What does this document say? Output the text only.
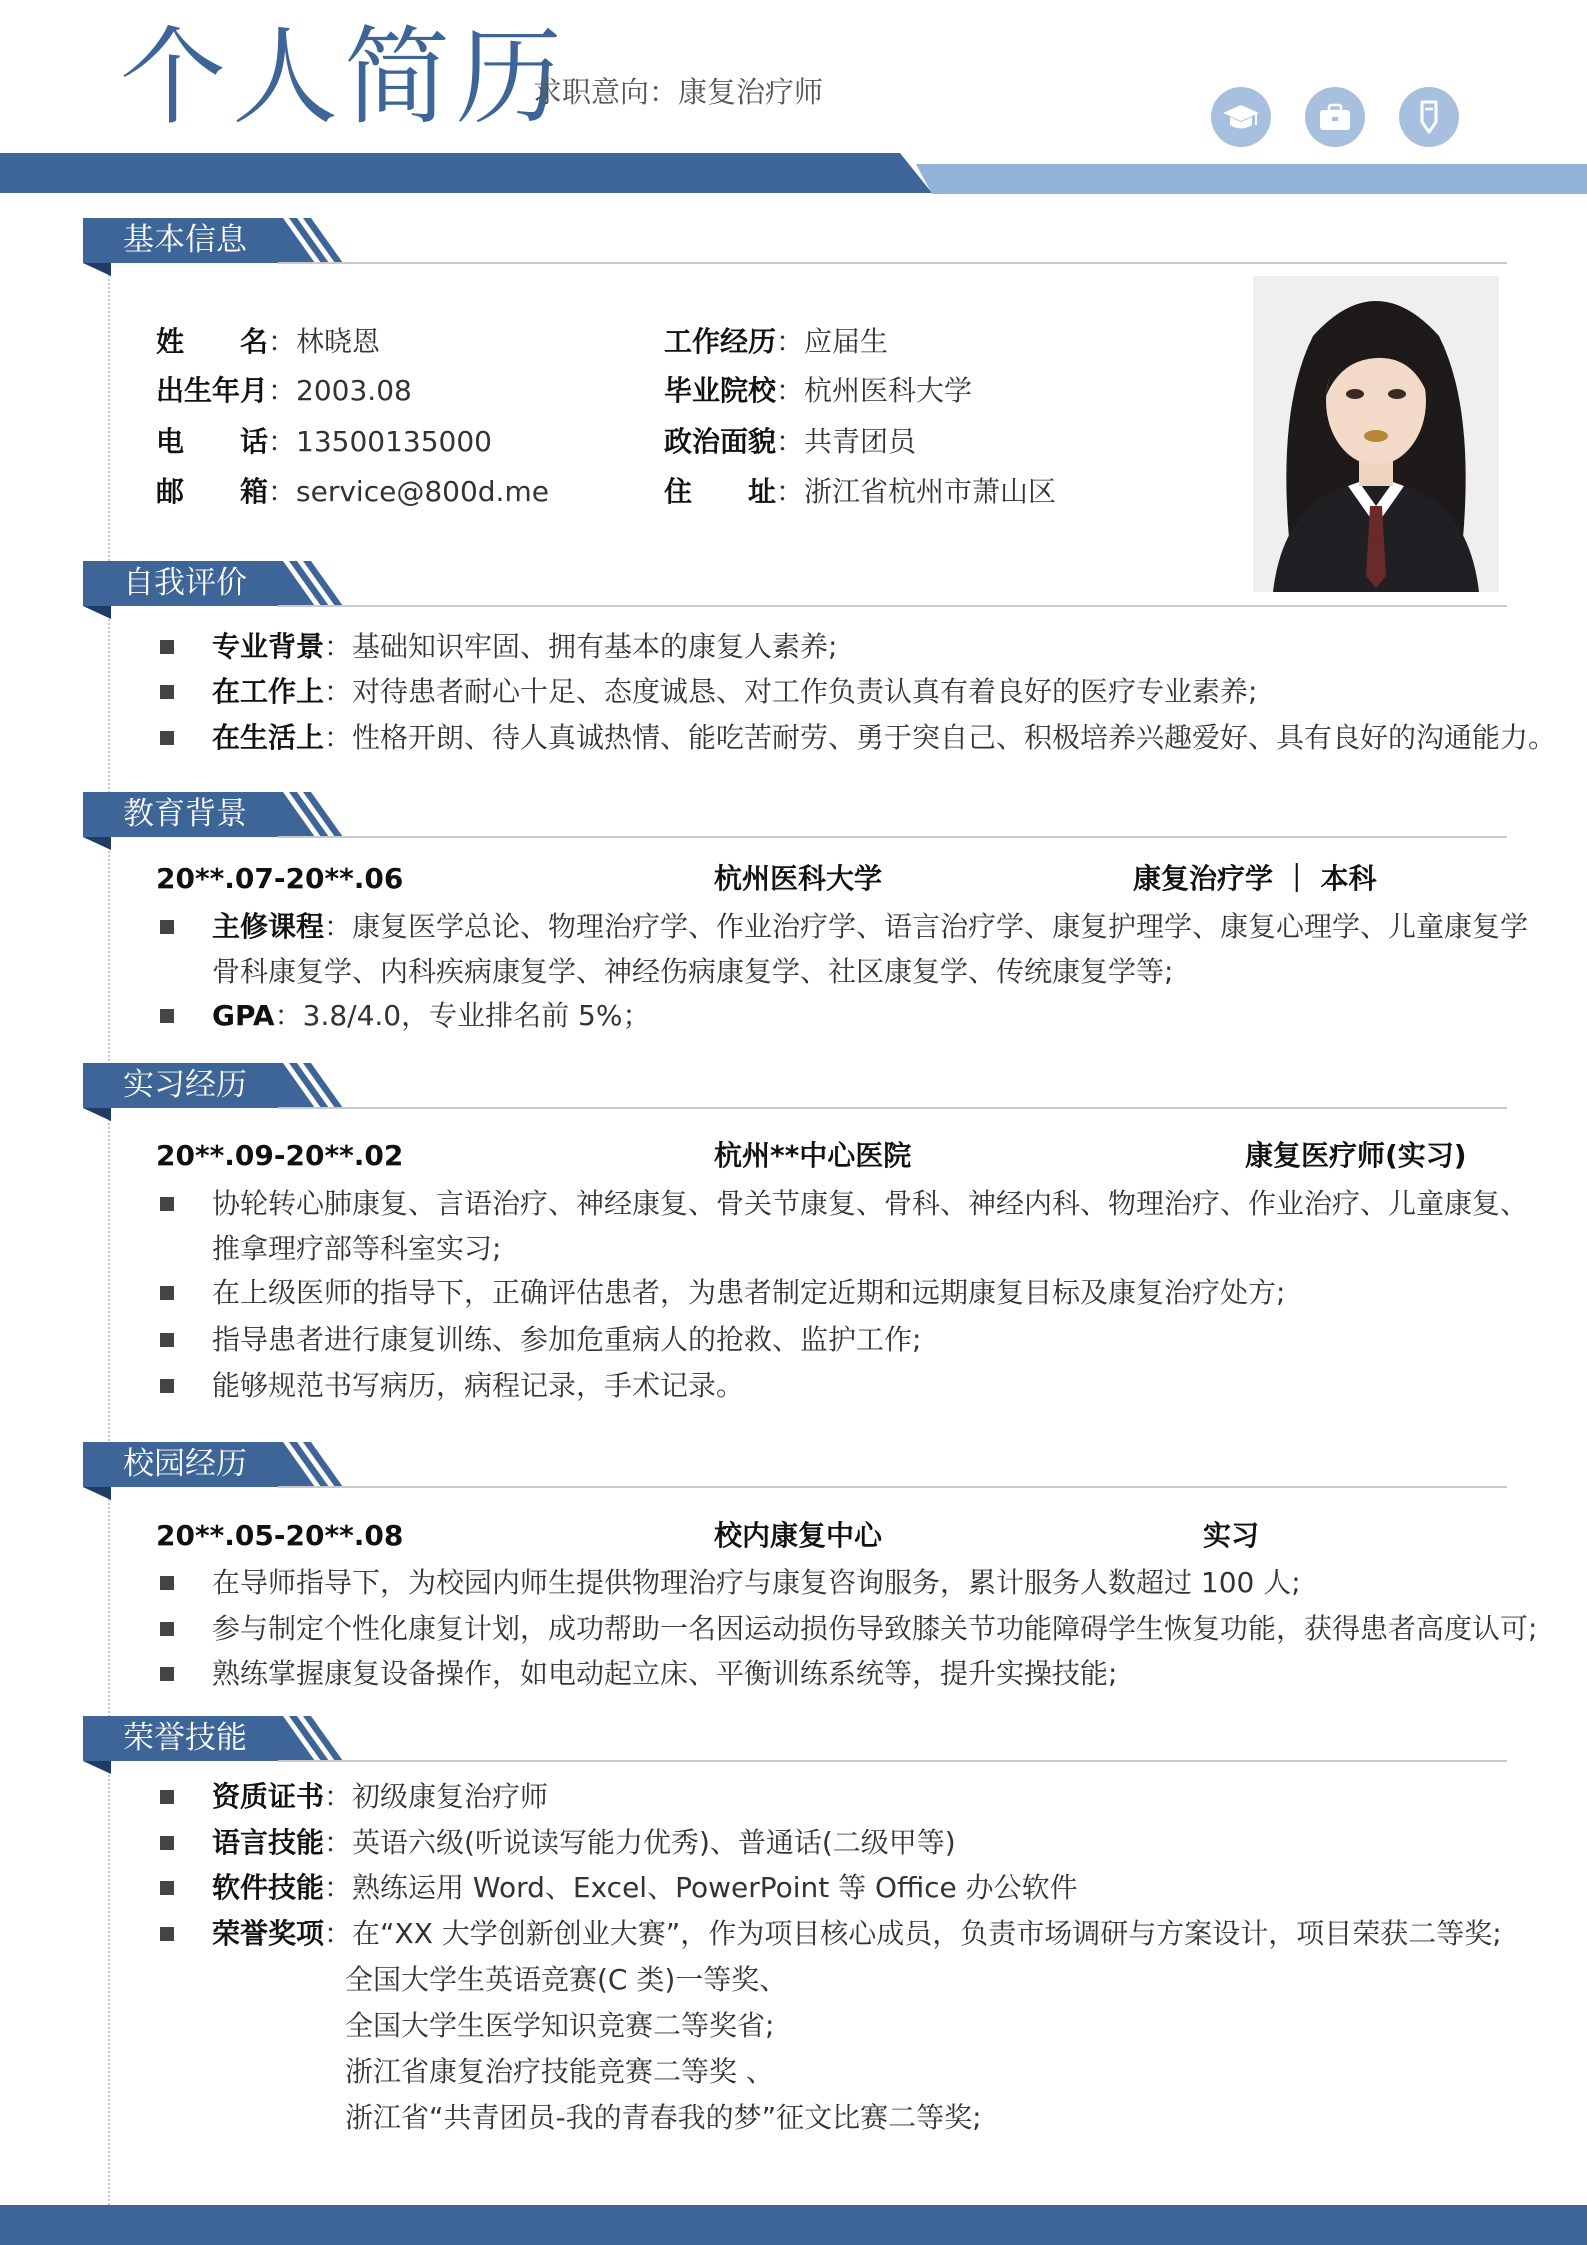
个人简历
求职意向：康复治疗师
基本信息
姓　　名：林晓恩
出生年月：2003.08
电　　话：13500135000
邮　　箱：service@800d.me
工作经历：应届生
毕业院校：杭州医科大学
政治面貌：共青团员
住　　址：浙江省杭州市萧山区
自我评价
专业背景：基础知识牢固、拥有基本的康复人素养;
在工作上：对待患者耐心十足、态度诚恳、对工作负责认真有着良好的医疗专业素养;
在生活上：性格开朗、待人真诚热情、能吃苦耐劳、勇于突自己、积极培养兴趣爱好、具有良好的沟通能力。
教育背景
20**.07-20**.06	杭州医科大学	康复治疗学 ｜ 本科
主修课程：康复医学总论、物理治疗学、作业治疗学、语言治疗学、康复护理学、康复心理学、儿童康复学
骨科康复学、内科疾病康复学、神经伤病康复学、社区康复学、传统康复学等;
GPA：3.8/4.0，专业排名前 5%；
实习经历
20**.09-20**.02	杭州**中心医院	康复医疗师(实习)
协轮转心肺康复、言语治疗、神经康复、骨关节康复、骨科、神经内科、物理治疗、作业治疗、儿童康复、
推拿理疗部等科室实习;
在上级医师的指导下，正确评估患者，为患者制定近期和远期康复目标及康复治疗处方;
指导患者进行康复训练、参加危重病人的抢救、监护工作;
能够规范书写病历，病程记录，手术记录。
校园经历
20**.05-20**.08	校内康复中心	实习
在导师指导下，为校园内师生提供物理治疗与康复咨询服务，累计服务人数超过 100 人;
参与制定个性化康复计划，成功帮助一名因运动损伤导致膝关节功能障碍学生恢复功能，获得患者高度认可;
熟练掌握康复设备操作，如电动起立床、平衡训练系统等，提升实操技能;
荣誉技能
资质证书：初级康复治疗师
语言技能：英语六级(听说读写能力优秀)、普通话(二级甲等)
软件技能：熟练运用 Word、Excel、PowerPoint 等 Office 办公软件
荣誉奖项：在“XX 大学创新创业大赛”，作为项目核心成员，负责市场调研与方案设计，项目荣获二等奖;
全国大学生英语竞赛(C 类)一等奖、
全国大学生医学知识竞赛二等奖省;
浙江省康复治疗技能竞赛二等奖 、
浙江省“共青团员-我的青春我的梦”征文比赛二等奖;
